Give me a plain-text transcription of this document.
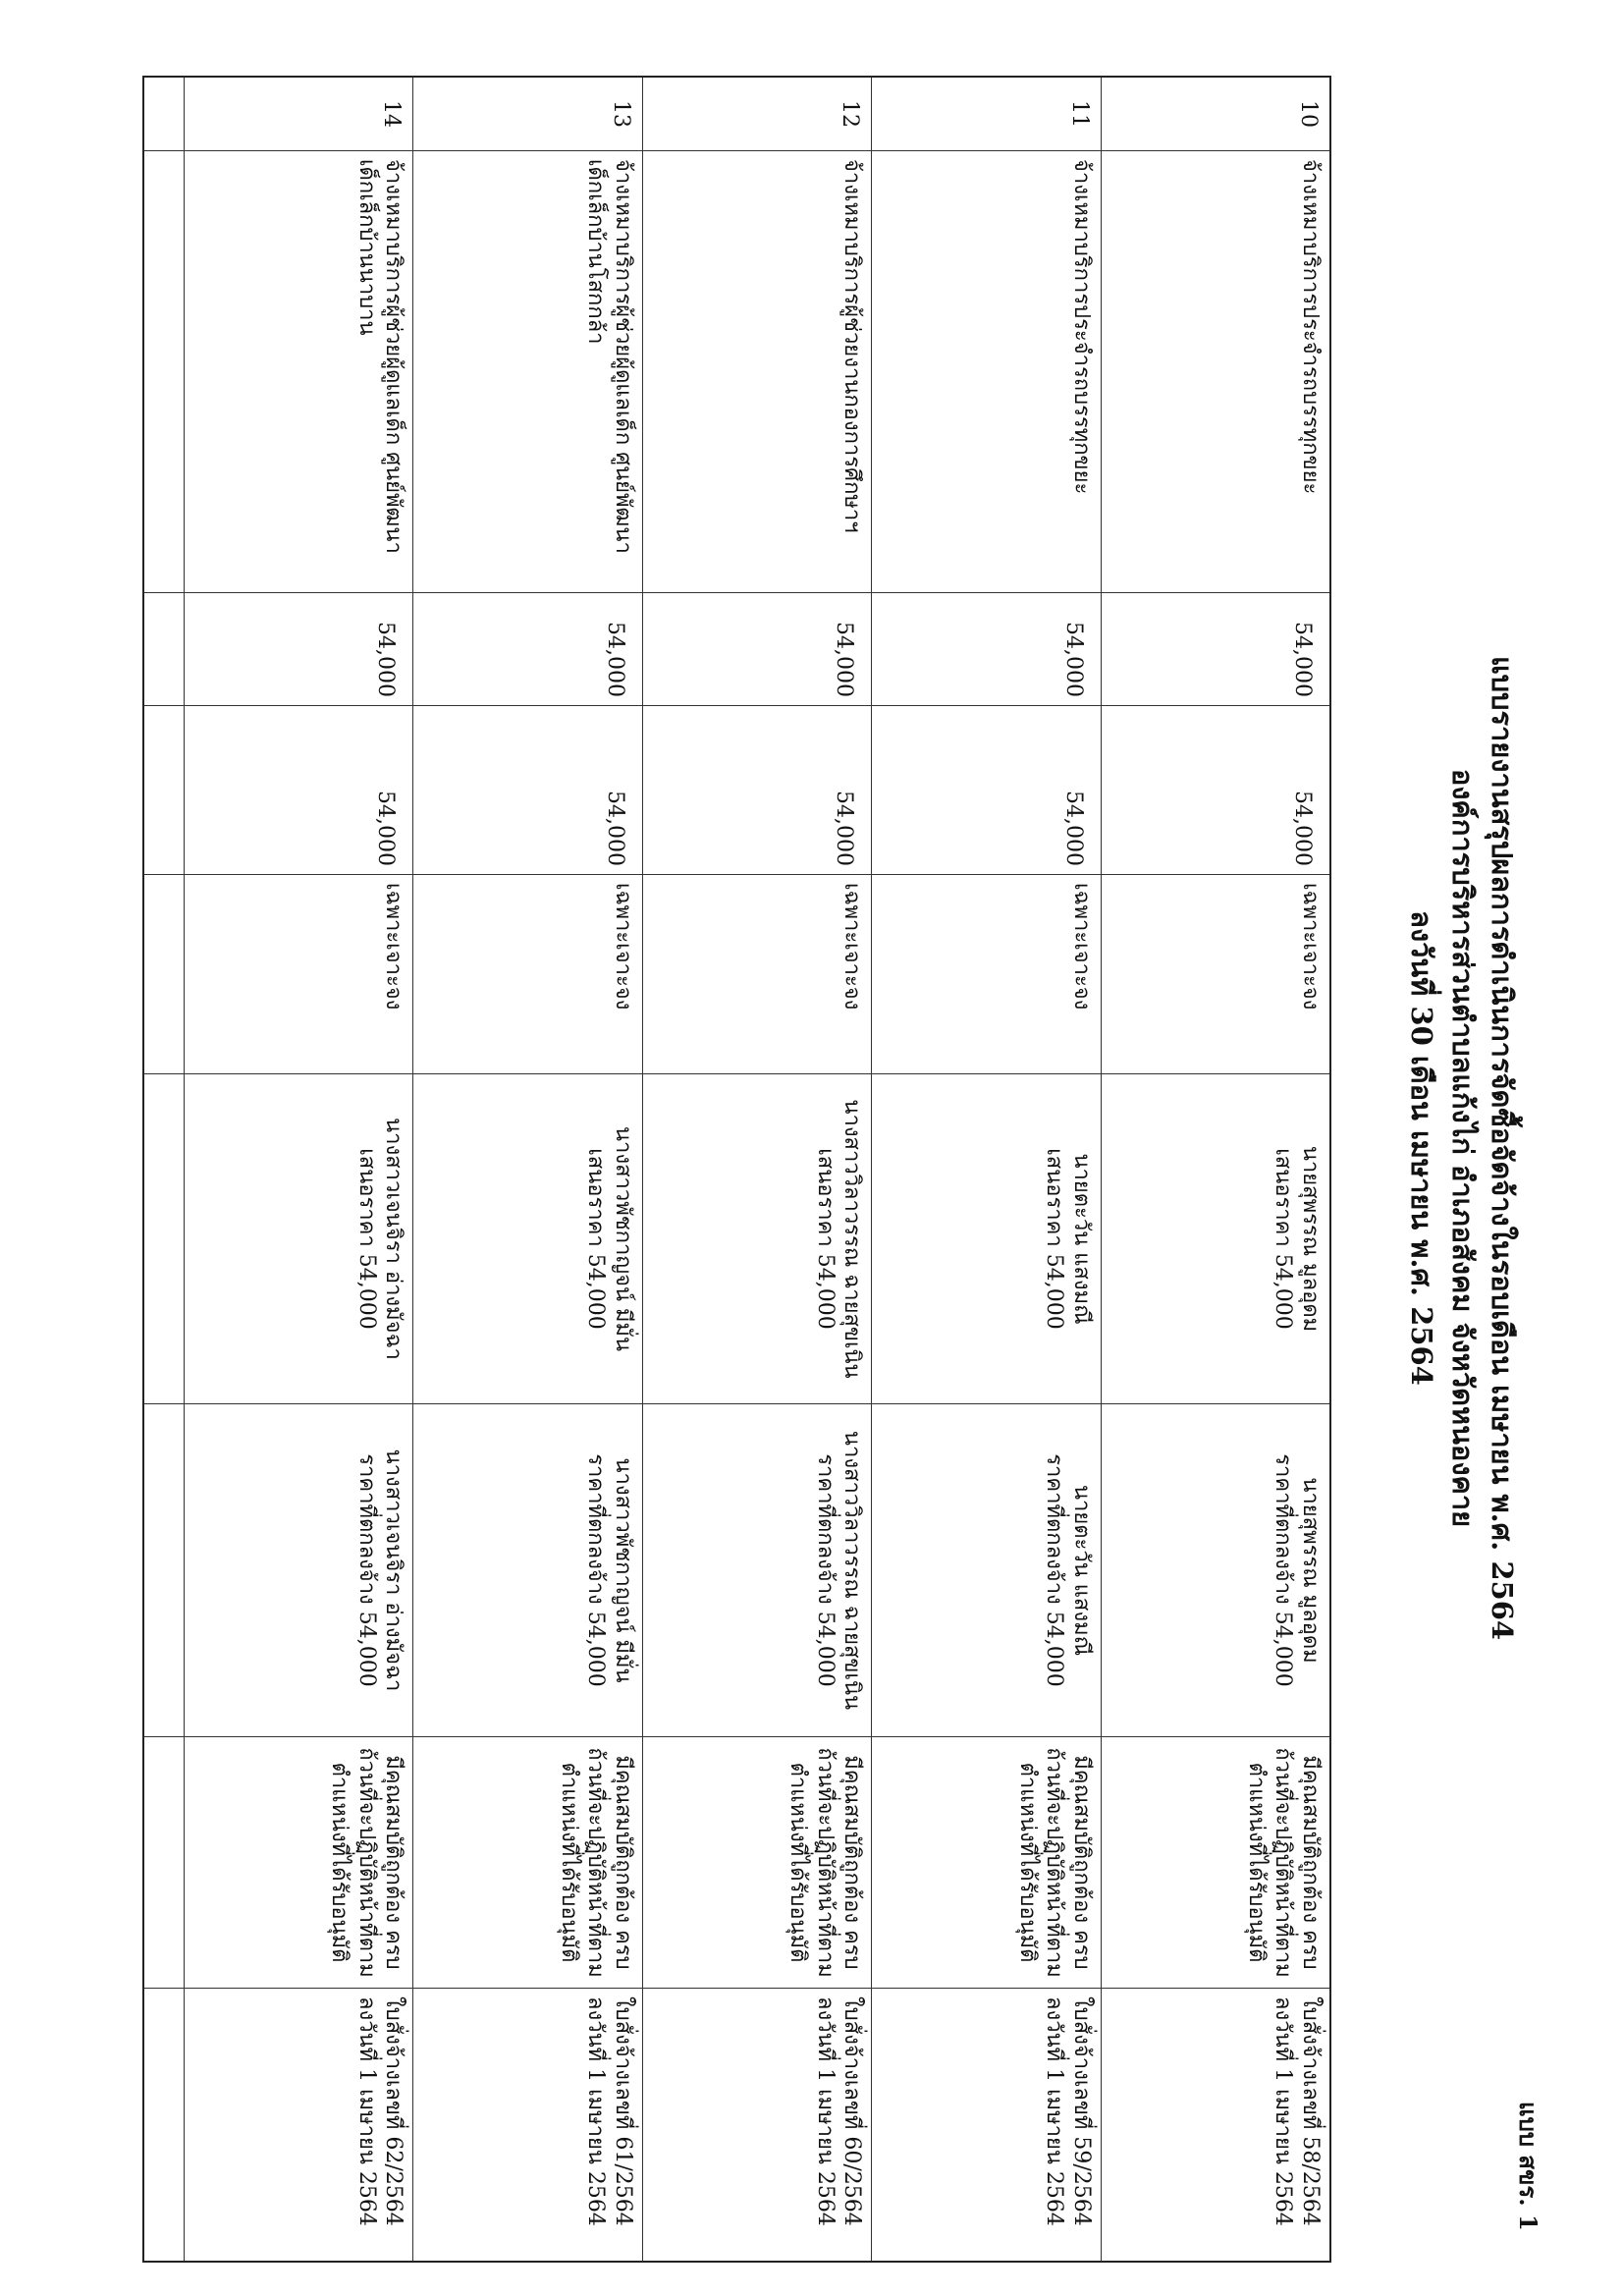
แบบ สขร. 1
แบบรายงานสรุปผลการดำเนินการจัดซื้อจัดจ้างในรอบเดือน เมษายน พ.ศ. 2564
องค์การบริหารส่วนตำบลแก้งไก่ อำเภอสังคม จังหวัดหนองคาย
ลงวันที่ 30 เดือน เมษายน พ.ศ. 2564
10
จ้างเหมาบริการประจำรถบรรทุกขยะ
54,000
54,000
เฉพาะเจาะจง
นายสุพรรณ มูลอุดม
เสนอราคา 54,000
นายสุพรรณ มูลอุดม
ราคาที่ตกลงจ้าง 54,000
มีคุณสมบัติถูกต้อง ครบถ้วนที่จะปฏิบัติหน้าที่ตามตำแหน่งที่ได้รับอนุมัติ
ใบสั่งจ้างเลขที่ 58/2564
ลงวันที่ 1 เมษายน 2564
11
จ้างเหมาบริการประจำรถบรรทุกขยะ
54,000
54,000
เฉพาะเจาะจง
นายตะวัน แสงมณี
เสนอราคา 54,000
นายตะวัน แสงมณี
ราคาที่ตกลงจ้าง 54,000
มีคุณสมบัติถูกต้อง ครบถ้วนที่จะปฏิบัติหน้าที่ตามตำแหน่งที่ได้รับอนุมัติ
ใบสั่งจ้างเลขที่ 59/2564
ลงวันที่ 1 เมษายน 2564
12
จ้างเหมาบริการผู้ช่วยงานกองการศึกษาฯ
54,000
54,000
เฉพาะเจาะจง
นางสาววิลาวรรณ ฉายสุขเนิน
เสนอราคา 54,000
นางสาววิลาวรรณ ฉายสุขเนิน
ราคาที่ตกลงจ้าง 54,000
มีคุณสมบัติถูกต้อง ครบถ้วนที่จะปฏิบัติหน้าที่ตามตำแหน่งที่ได้รับอนุมัติ
ใบสั่งจ้างเลขที่ 60/2564
ลงวันที่ 1 เมษายน 2564
13
จ้างเหมาบริการผู้ช่วยผู้ดูแลเด็ก ศูนย์พัฒนาเด็กเล็กบ้านโสกกล้า
54,000
54,000
เฉพาะเจาะจง
นางสาวพัชกาญจน์ มีมั่น
เสนอราคา 54,000
นางสาวพัชกาญจน์ มีมั่น
ราคาที่ตกลงจ้าง 54,000
มีคุณสมบัติถูกต้อง ครบถ้วนที่จะปฏิบัติหน้าที่ตามตำแหน่งที่ได้รับอนุมัติ
ใบสั่งจ้างเลขที่ 61/2564
ลงวันที่ 1 เมษายน 2564
14
จ้างเหมาบริการผู้ช่วยผู้ดูแลเด็ก ศูนย์พัฒนาเด็กเล็กบ้านนาบาน
54,000
54,000
เฉพาะเจาะจง
นางสาวเจนจิรา อ่างมัจฉา
เสนอราคา 54,000
นางสาวเจนจิรา อ่างมัจฉา
ราคาที่ตกลงจ้าง 54,000
มีคุณสมบัติถูกต้อง ครบถ้วนที่จะปฏิบัติหน้าที่ตามตำแหน่งที่ได้รับอนุมัติ
ใบสั่งจ้างเลขที่ 62/2564
ลงวันที่ 1 เมษายน 2564
